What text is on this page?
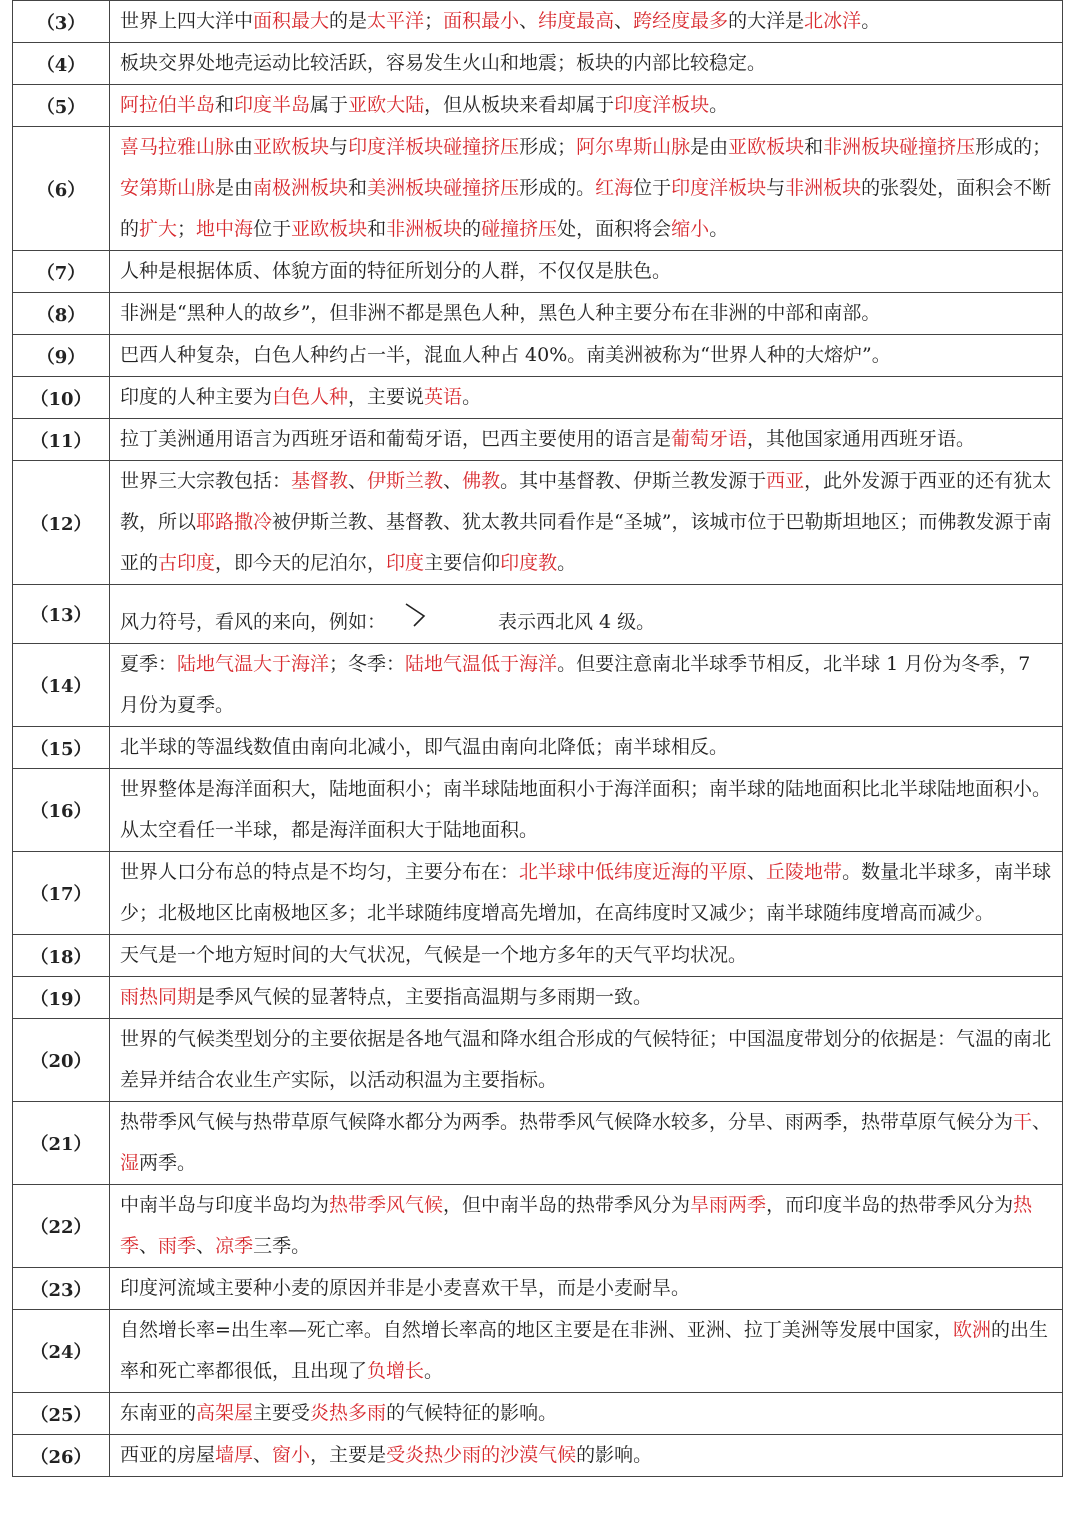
（3）	世界上四大洋中面积最大的是太平洋；面积最小、纬度最高、跨经度最多的大洋是北冰洋。
（4）	板块交界处地壳运动比较活跃，容易发生火山和地震；板块的内部比较稳定。
（5）	阿拉伯半岛和印度半岛属于亚欧大陆，但从板块来看却属于印度洋板块。
（6）	喜马拉雅山脉由亚欧板块与印度洋板块碰撞挤压形成；阿尔卑斯山脉是由亚欧板块和非洲板块碰撞挤压形成的；安第斯山脉是由南极洲板块和美洲板块碰撞挤压形成的。红海位于印度洋板块与非洲板块的张裂处，面积会不断的扩大；地中海位于亚欧板块和非洲板块的碰撞挤压处，面积将会缩小。
（7）	人种是根据体质、体貌方面的特征所划分的人群，不仅仅是肤色。
（8）	非洲是“黑种人的故乡”，但非洲不都是黑色人种，黑色人种主要分布在非洲的中部和南部。
（9）	巴西人种复杂，白色人种约占一半，混血人种占 40%。南美洲被称为“世界人种的大熔炉”。
（10）	印度的人种主要为白色人种，主要说英语。
（11）	拉丁美洲通用语言为西班牙语和葡萄牙语，巴西主要使用的语言是葡萄牙语，其他国家通用西班牙语。
（12）	世界三大宗教包括：基督教、伊斯兰教、佛教。其中基督教、伊斯兰教发源于西亚，此外发源于西亚的还有犹太教，所以耶路撒冷被伊斯兰教、基督教、犹太教共同看作是“圣城”，该城市位于巴勒斯坦地区；而佛教发源于南亚的古印度，即今天的尼泊尔，印度主要信仰印度教。
（13）	风力符号，看风的来向，例如： 表示西北风 4 级。
（14）	夏季：陆地气温大于海洋；冬季：陆地气温低于海洋。但要注意南北半球季节相反，北半球 1 月份为冬季，7 月份为夏季。
（15）	北半球的等温线数值由南向北减小，即气温由南向北降低；南半球相反。
（16）	世界整体是海洋面积大，陆地面积小；南半球陆地面积小于海洋面积；南半球的陆地面积比北半球陆地面积小。从太空看任一半球，都是海洋面积大于陆地面积。
（17）	世界人口分布总的特点是不均匀，主要分布在：北半球中低纬度近海的平原、丘陵地带。数量北半球多，南半球少；北极地区比南极地区多；北半球随纬度增高先增加，在高纬度时又减少；南半球随纬度增高而减少。
（18）	天气是一个地方短时间的大气状况，气候是一个地方多年的天气平均状况。
（19）	雨热同期是季风气候的显著特点，主要指高温期与多雨期一致。
（20）	世界的气候类型划分的主要依据是各地气温和降水组合形成的气候特征；中国温度带划分的依据是：气温的南北差异并结合农业生产实际，以活动积温为主要指标。
（21）	热带季风气候与热带草原气候降水都分为两季。热带季风气候降水较多，分旱、雨两季，热带草原气候分为干、湿两季。
（22）	中南半岛与印度半岛均为热带季风气候，但中南半岛的热带季风分为旱雨两季，而印度半岛的热带季风分为热季、雨季、凉季三季。
（23）	印度河流域主要种小麦的原因并非是小麦喜欢干旱，而是小麦耐旱。
（24）	自然增长率=出生率—死亡率。自然增长率高的地区主要是在非洲、亚洲、拉丁美洲等发展中国家，欧洲的出生率和死亡率都很低，且出现了负增长。
（25）	东南亚的高架屋主要受炎热多雨的气候特征的影响。
（26）	西亚的房屋墙厚、窗小，主要是受炎热少雨的沙漠气候的影响。
